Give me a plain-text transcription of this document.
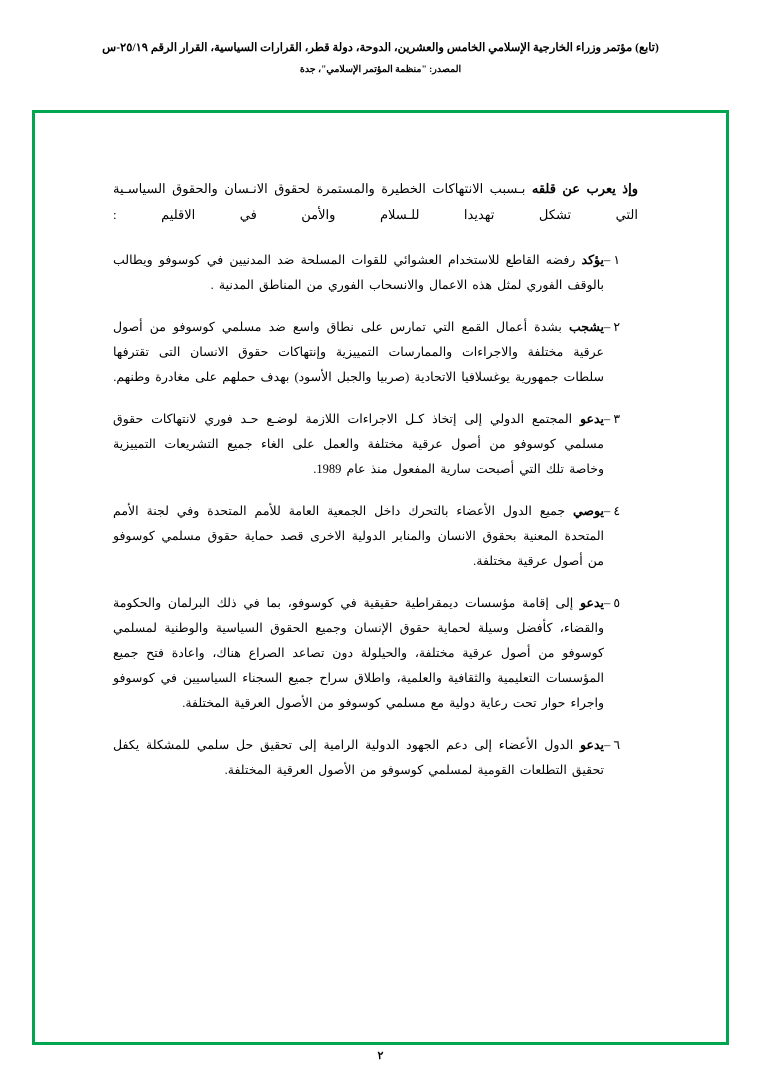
(تابع) مؤتمر وزراء الخارجية الإسلامي الخامس والعشرين، الدوحة، دولة قطر، القرارات السياسية، القرار الرقم ٢٥/١٩-س
المصدر: "منظمة المؤتمر الإسلامي"، جدة

وإذ يعرب عن قلقه بـسبب الانتهاكات الخطيرة والمستمرة لحقوق الانـسان والحقوق السياسـية التي تشكل تهديدا للـسلام والأمن في الاقليم :

١ –
يؤكد رفضه القاطع للاستخدام العشوائي للقوات المسلحة ضد المدنيين في كوسوفو ويطالب بالوقف الفوري لمثل هذه الاعمال والانسحاب الفوري من المناطق المدنية .
٢ –
يشجب بشدة أعمال القمع التي تمارس على نطاق واسع ضد مسلمي كوسوفو من أصول عرقية مختلفة والاجراءات والممارسات التمييزية وإنتهاكات حقوق الانسان التى تقترفها سلطات جمهورية يوغسلافيا الاتحادية (صربيا والجبل الأسود) بهدف حملهم على مغادرة وطنهم.
٣ –
يدعو المجتمع الدولي إلى إتخاذ كـل الاجراءات اللازمة لوضـع حـد فوري لانتهاكات حقوق مسلمي كوسوفو من أصول عرقية مختلفة والعمل على الغاء جميع التشريعات التمييزية وخاصة تلك التي أصبحت سارية المفعول منذ عام 1989.
٤ –
يوصي جميع الدول الأعضاء بالتحرك داخل الجمعية العامة للأمم المتحدة وفي لجنة الأمم المتحدة المعنية بحقوق الانسان والمنابر الدولية الاخرى قصد حماية حقوق مسلمي كوسوفو من أصول عرقية مختلفة.
٥ –
يدعو إلى إقامة مؤسسات ديمقراطية حقيقية في كوسوفو، بما في ذلك البرلمان والحكومة والقضاء، كأفضل وسيلة لحماية حقوق الإنسان وجميع الحقوق السياسية والوطنية لمسلمي كوسوفو من أصول عرقية مختلفة، والحيلولة دون تصاعد الصراع هناك، واعادة فتح جميع المؤسسات التعليمية والثقافية والعلمية، واطلاق سراح جميع السجناء السياسيين في كوسوفو واجراء حوار تحت رعاية دولية مع مسلمي كوسوفو من الأصول العرقية المختلفة.
٦ –
يدعو الدول الأعضاء إلى دعم الجهود الدولية الرامية إلى تحقيق حل سلمي للمشكلة يكفل تحقيق التطلعات القومية لمسلمي كوسوفو من الأصول العرقية المختلفة.
٢
